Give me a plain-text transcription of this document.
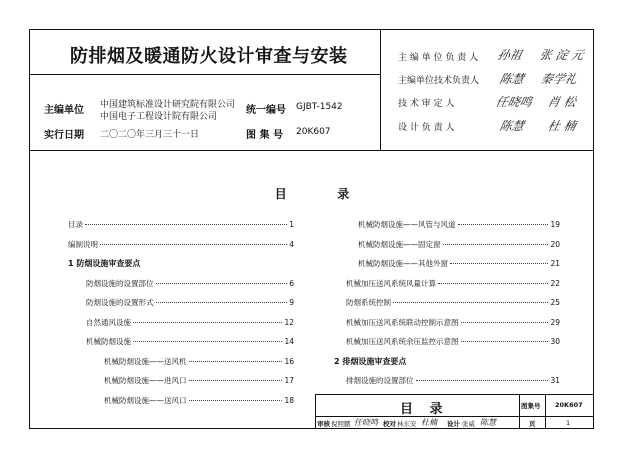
防排烟及暖通防火设计审查与安装
主编单位 中国建筑标准设计研究院有限公司
中国电子工程设计院有限公司
实行日期 二〇二〇年三月三十一日
统一编号 GJBT-1542
图 集 号 20K607
主 编 单 位 负 责 人	孙祖 张 淀 元
主编单位技术负责人 陈慧 秦学礼
技 术 审 定 人	任晓鸣 肖 松
设 计 负 责 人	陈慧 杜 楠
目	录
目录	1
编制说明	4
1 防烟设施审查要点
防烟设施的设置部位	6
防烟设施的设置形式	9
自然通风设施	12
机械防烟设施	14
机械防烟设施——送风机	16
机械防烟设施——进风口	17
机械防烟设施——送风口	18
机械防烟设施——风管与风道	19
机械防烟设施——固定窗	20
机械防烟设施——其他外窗	21
机械加压送风系统风量计算	22
防烟系统控制	25
机械加压送风系统联动控制示意图	29
机械加压送风系统余压监控示意图	30
2 排烟设施审查要点
排烟设施的设置部位	31
目 录	图集号 20K607
审核 倪照鹏 任晓鸣 校对 林东安 杜楠 设计 张威 陈慧	页	1
